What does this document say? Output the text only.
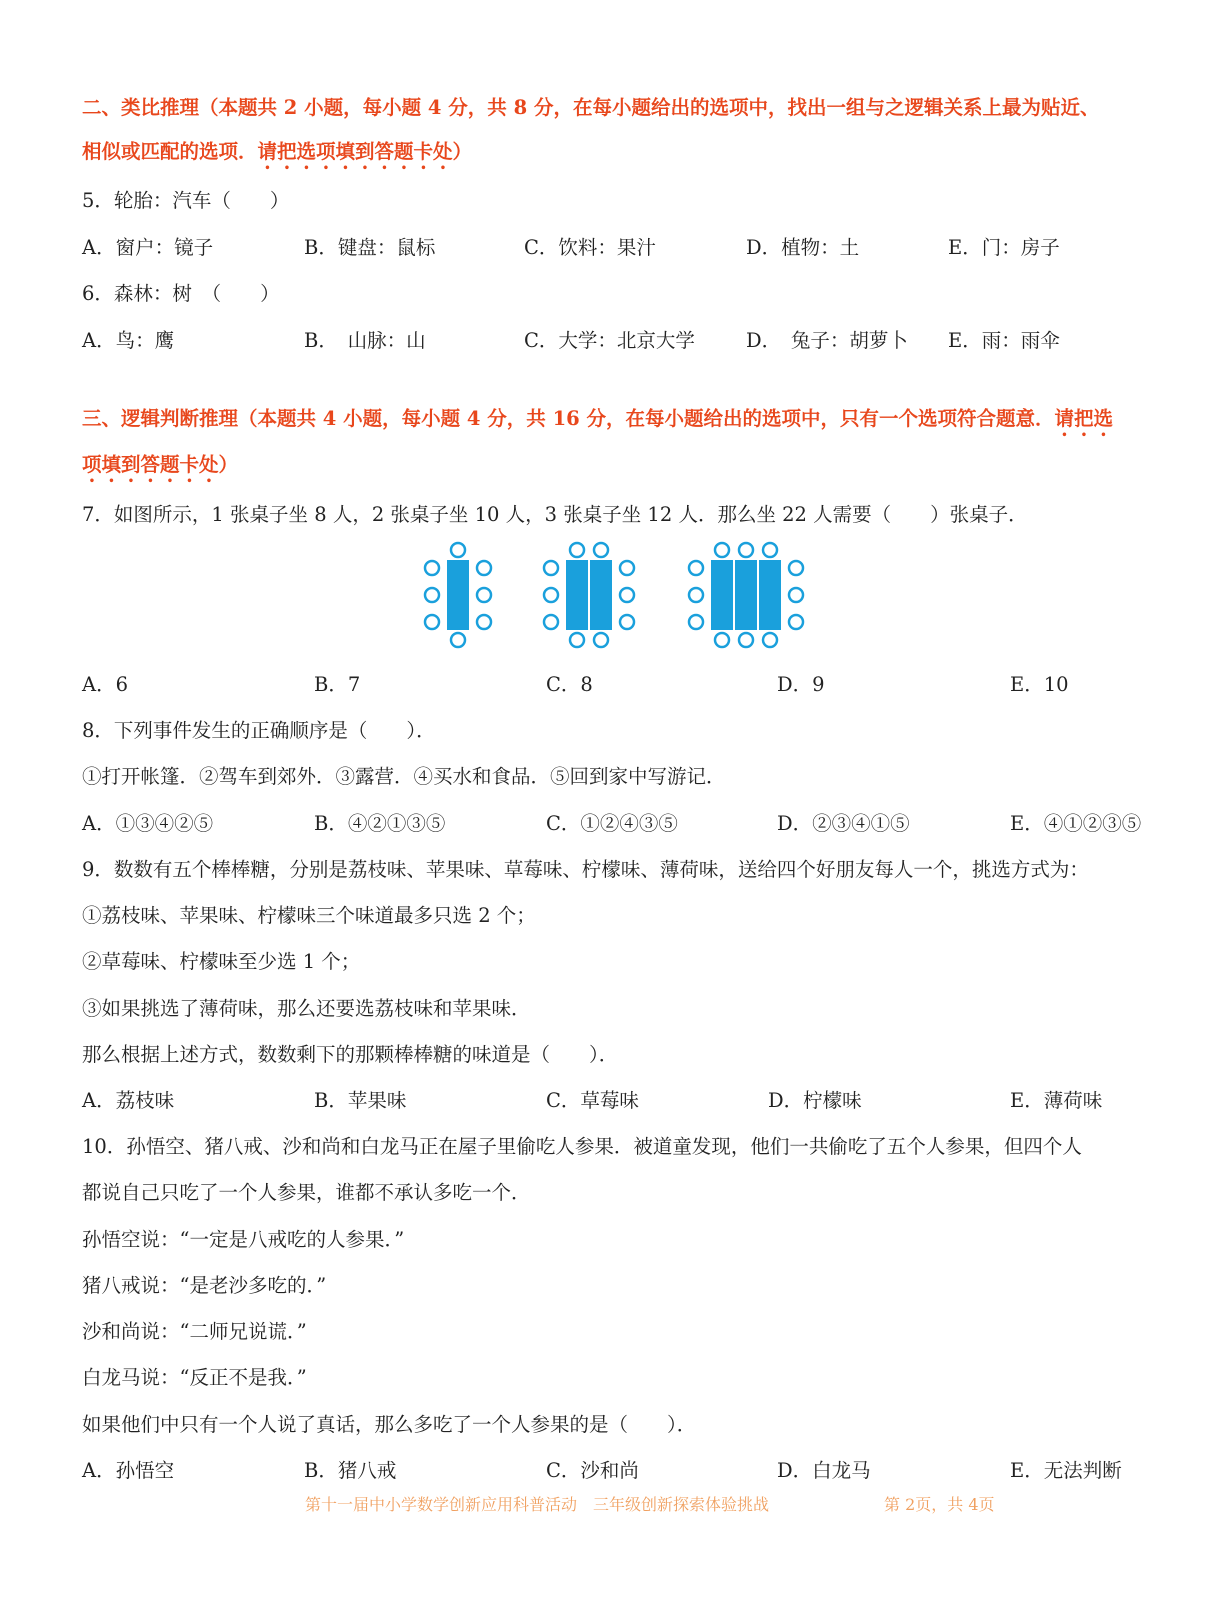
二、类比推理（本题共 2 小题，每小题 4 分，共 8 分，在每小题给出的选项中，找出一组与之逻辑关系上最为贴近、
相似或匹配的选项．请把选项填到答题卡处）
5．轮胎：汽车（　　）
A．窗户：镜子	B．键盘：鼠标	C．饮料：果汁	D．植物：土	E．门：房子
6．森林：树　（　　）
A．鸟：鹰	B．　山脉：山	C．大学：北京大学	D．　兔子：胡萝卜 E．雨：雨伞
三、逻辑判断推理（本题共 4 小题，每小题 4 分，共 16 分，在每小题给出的选项中，只有一个选项符合题意．请把选
项填到答题卡处）
7．如图所示，1 张桌子坐 8 人，2 张桌子坐 10 人，3 张桌子坐 12 人．那么坐 22 人需要（　　）张桌子．
A．6	B．7	C．8	D．9	E．10
8．下列事件发生的正确顺序是（　　）．
①打开帐篷．②驾车到郊外．③露营．④买水和食品．⑤回到家中写游记．
A．①③④②⑤	B．④②①③⑤	C．①②④③⑤	D．②③④①⑤	E．④①②③⑤
9．数数有五个棒棒糖，分别是荔枝味、苹果味、草莓味、柠檬味、薄荷味，送给四个好朋友每人一个，挑选方式为：
①荔枝味、苹果味、柠檬味三个味道最多只选 2 个；
②草莓味、柠檬味至少选 1 个；
③如果挑选了薄荷味，那么还要选荔枝味和苹果味．
那么根据上述方式，数数剩下的那颗棒棒糖的味道是（　　）．
A．荔枝味	B．苹果味	C．草莓味	D．柠檬味	E．薄荷味
10．孙悟空、猪八戒、沙和尚和白龙马正在屋子里偷吃人参果．被道童发现，他们一共偷吃了五个人参果，但四个人
都说自己只吃了一个人参果，谁都不承认多吃一个．
孙悟空说：“一定是八戒吃的人参果．”
猪八戒说：“是老沙多吃的．”
沙和尚说：“二师兄说谎．”
白龙马说：“反正不是我．”
如果他们中只有一个人说了真话，那么多吃了一个人参果的是（　　）．
A．孙悟空	B．猪八戒	C．沙和尚	D．白龙马	E．无法判断
第十一届中小学数学创新应用科普活动　三年级创新探索体验挑战	第 2页，共 4页
